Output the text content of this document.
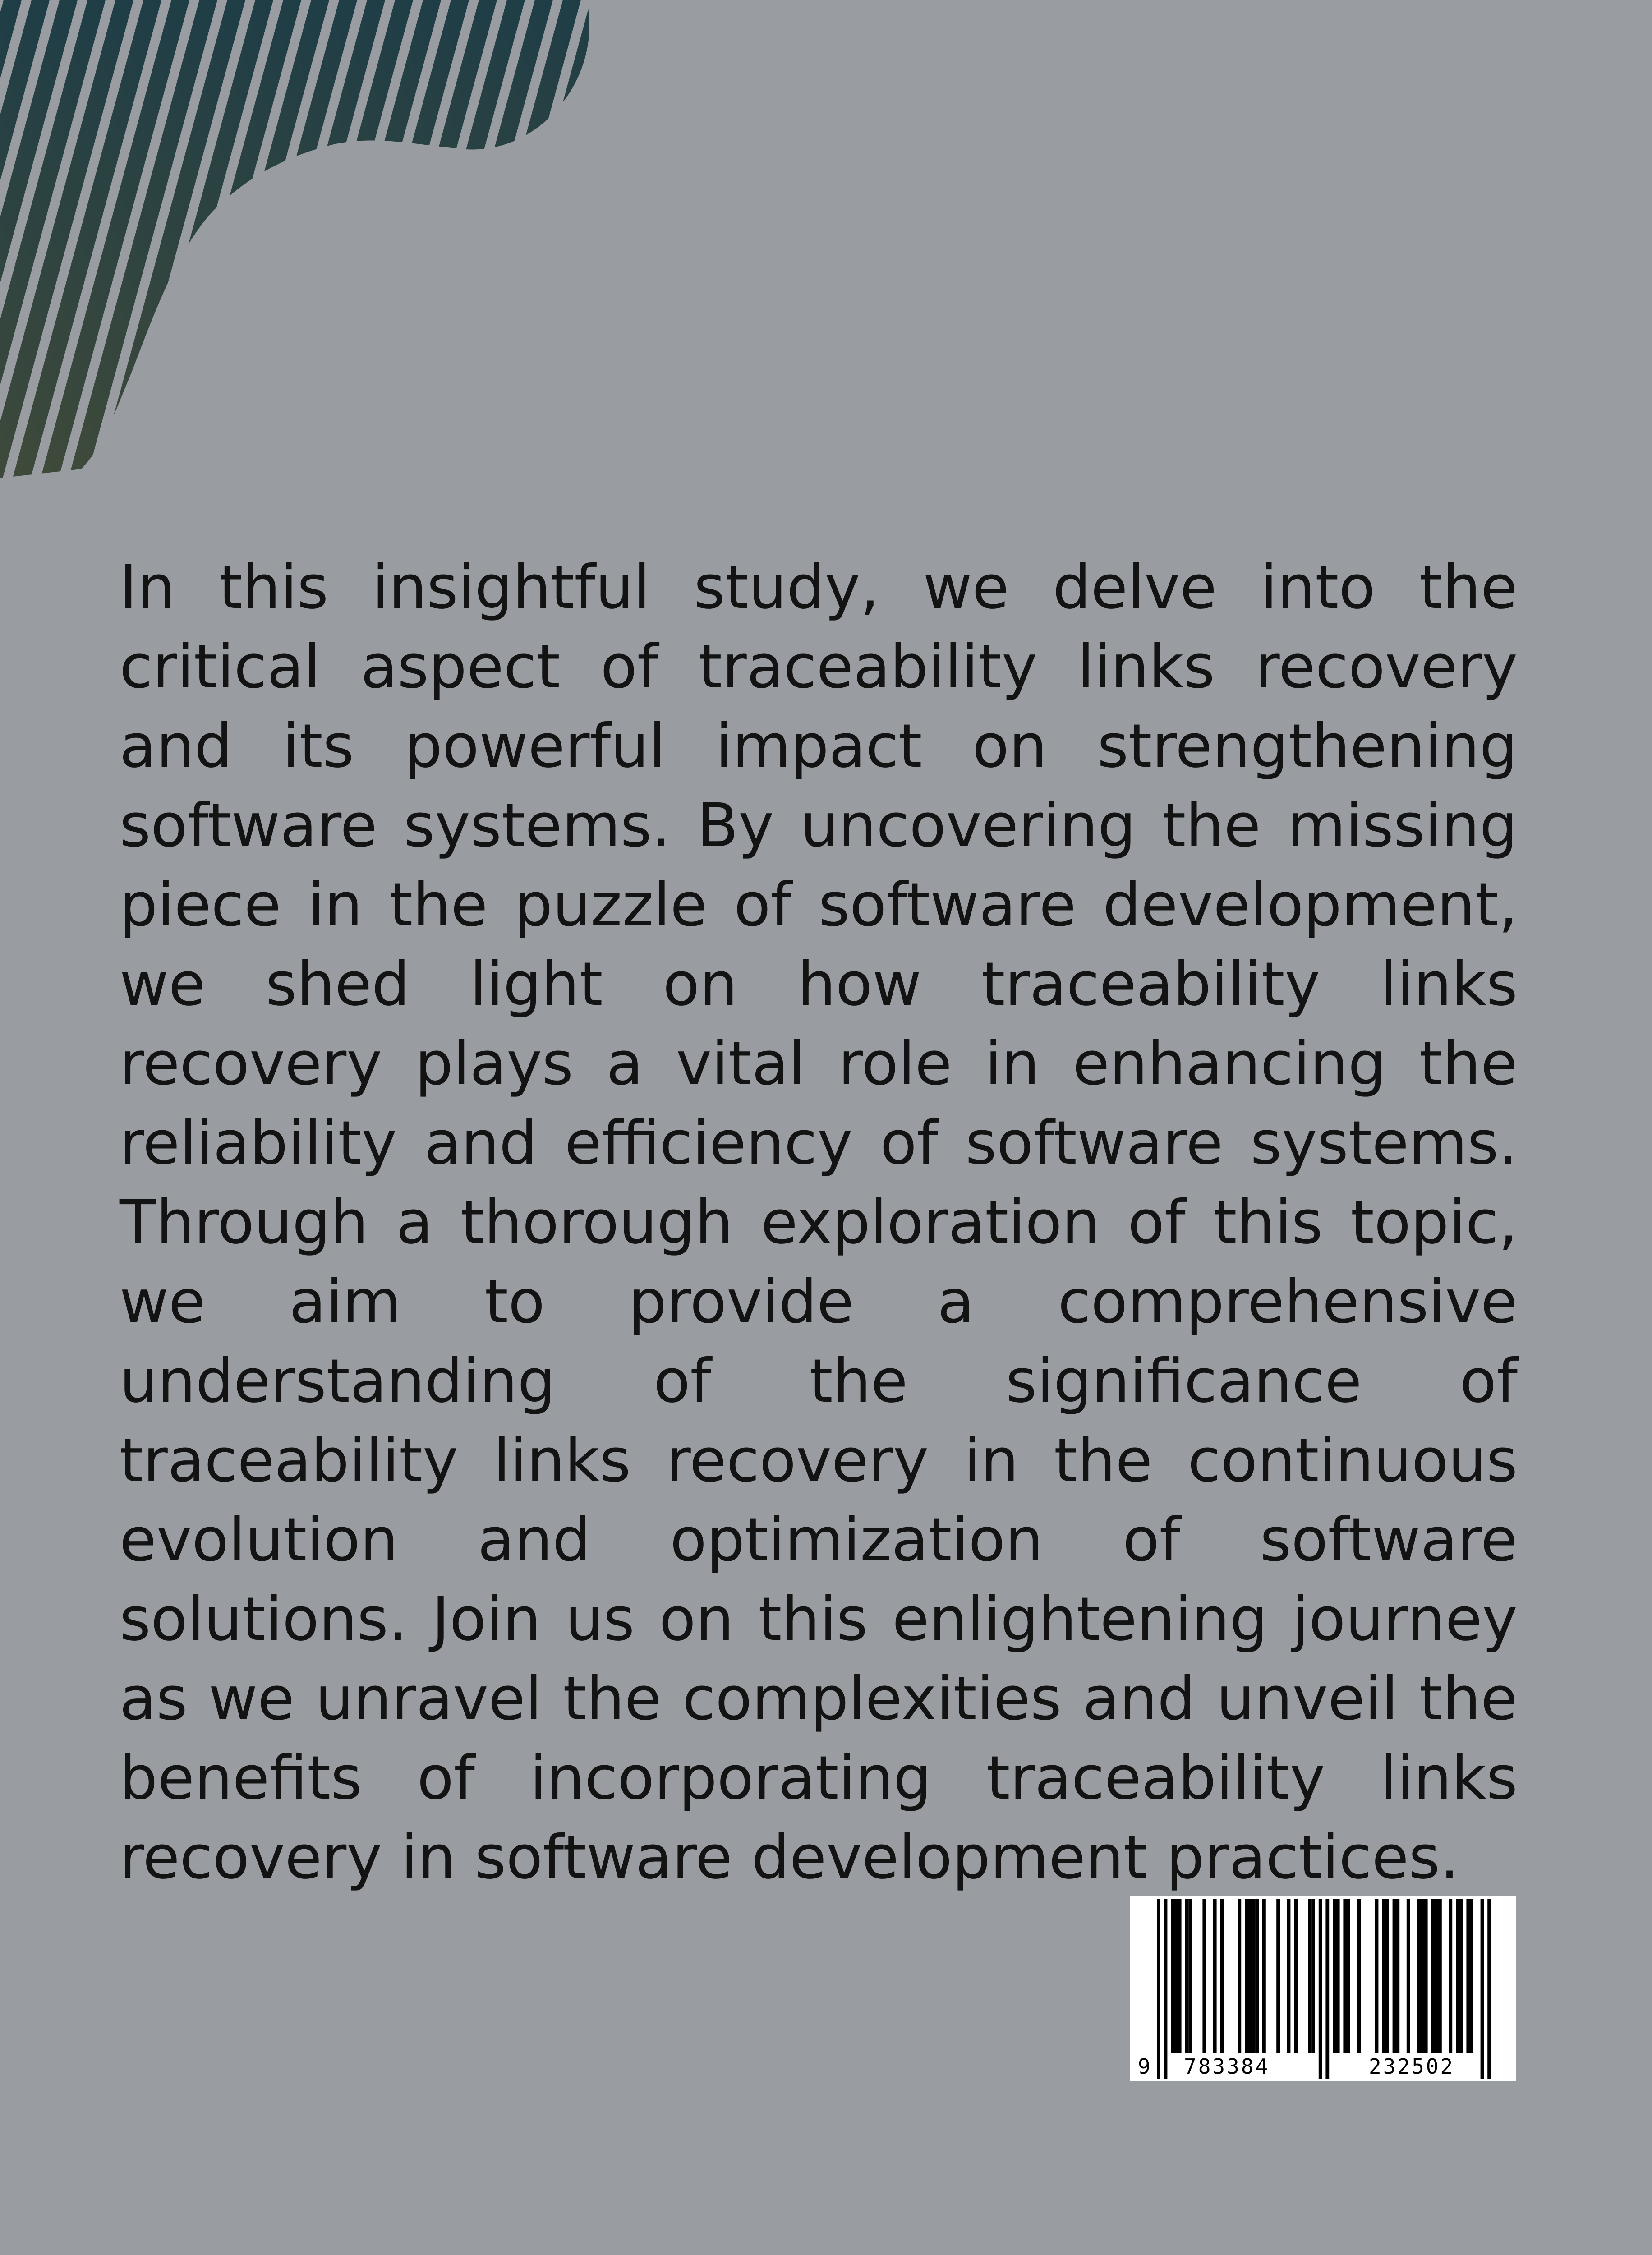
In this insightful study, we delve into the critical aspect of traceability links recovery and its powerful impact on strengthening software systems. By uncovering the missing piece in the puzzle of software development, we shed light on how traceability links recovery plays a vital role in enhancing the reliability and efficiency of software systems. Through a thorough exploration of this topic, we aim to provide a comprehensive understanding of the significance of traceability links recovery in the continuous evolution and optimization of software solutions. Join us on this enlightening journey as we unravel the complexities and unveil the benefits of incorporating traceability links recovery in software development practices.

9 783384	232502
